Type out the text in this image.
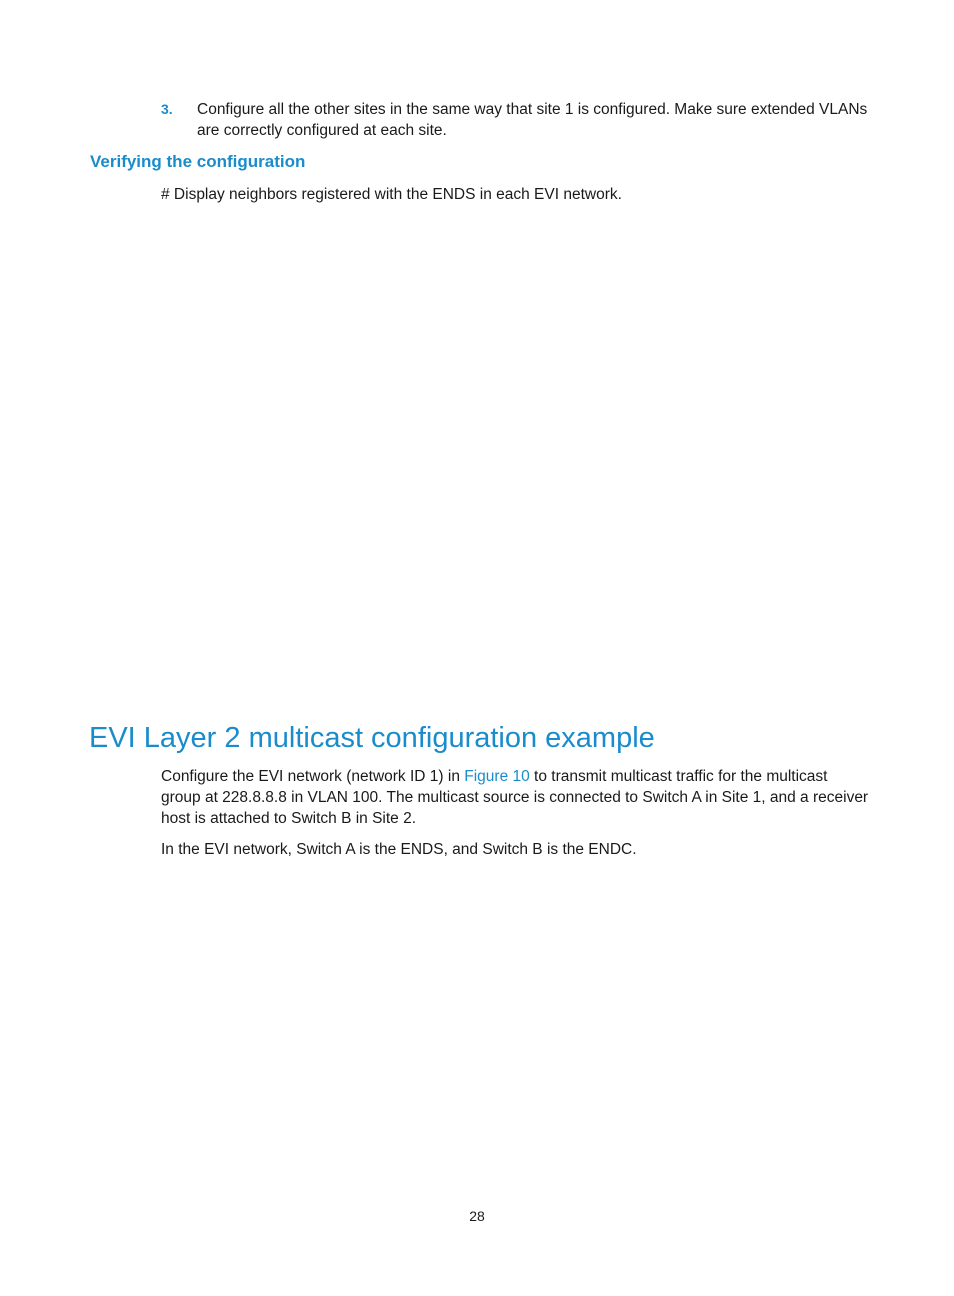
3. Configure all the other sites in the same way that site 1 is configured. Make sure extended VLANs are correctly configured at each site.
Verifying the configuration

# Display neighbors registered with the ENDS in each EVI network.

EVI Layer 2 multicast configuration example

Configure the EVI network (network ID 1) in Figure 10 to transmit multicast traffic for the multicast group at 228.8.8.8 in VLAN 100. The multicast source is connected to Switch A in Site 1, and a receiver host is attached to Switch B in Site 2.

In the EVI network, Switch A is the ENDS, and Switch B is the ENDC.

28
